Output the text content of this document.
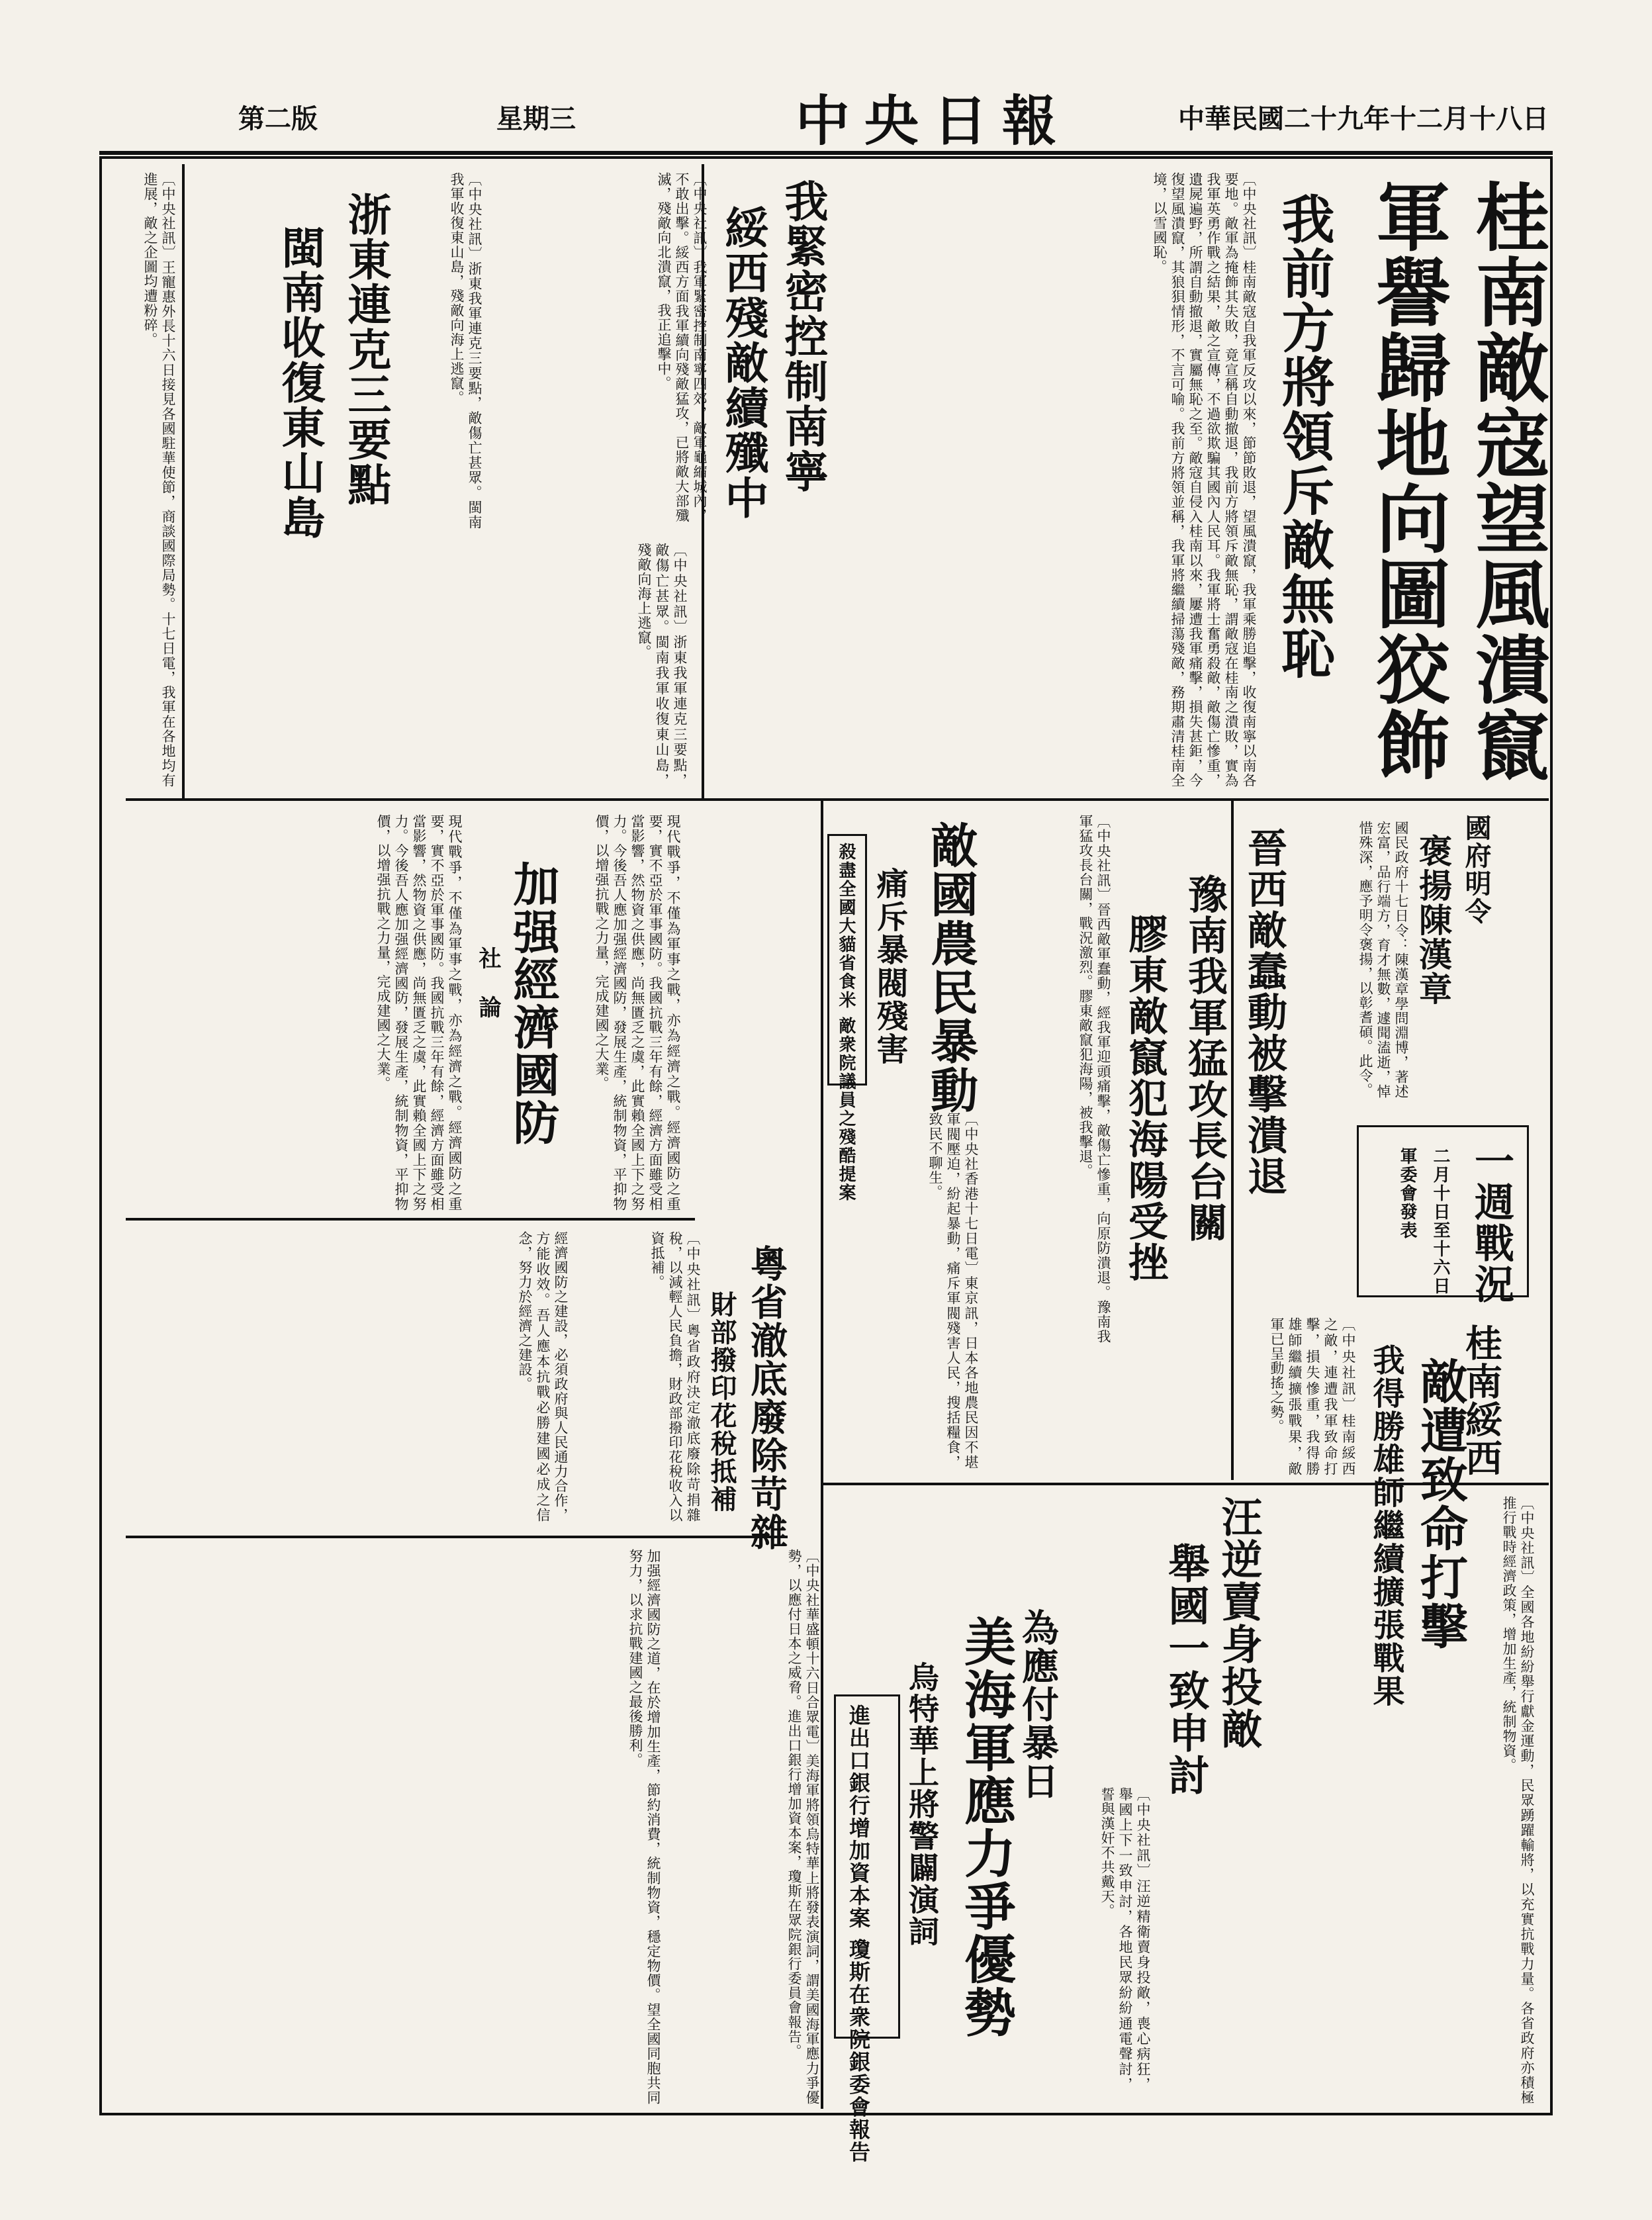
中華民國二十九年十二月十八日
中央日報
星期三
第二版
桂南敵寇望風潰竄
軍譽歸地向圖狡飾
我前方將領斥敵無恥
〔中央社訊〕桂南敵寇自我軍反攻以來，節節敗退，望風潰竄，我軍乘勝追擊，收復南寧以南各要地。敵軍為掩飾其失敗，竟宣稱自動撤退，我前方將領斥敵無恥，謂敵寇在桂南之潰敗，實為我軍英勇作戰之結果，敵之宣傳，不過欲欺騙其國內人民耳。我軍將士奮勇殺敵，敵傷亡慘重，遺屍遍野，所謂自動撤退，實屬無恥之至。敵寇自侵入桂南以來，屢遭我軍痛擊，損失甚鉅，今復望風潰竄，其狼狽情形，不言可喻。我前方將領並稱，我軍將繼續掃蕩殘敵，務期肅清桂南全境，以雪國恥。
我緊密控制南寧
綏西殘敵續殲中
〔中央社訊〕我軍緊密控制南寧四郊，敵軍龜縮城內，不敢出擊。綏西方面我軍續向殘敵猛攻，已將敵大部殲滅，殘敵向北潰竄，我正追擊中。
浙東連克三要點
閩南收復東山島
〔中央社訊〕浙東我軍連克三要點，敵傷亡甚眾。閩南我軍收復東山島，殘敵向海上逃竄。
〔中央社訊〕浙東我軍連克三要點，敵傷亡甚眾。閩南我軍收復東山島，殘敵向海上逃竄。
〔中央社訊〕王寵惠外長十六日接見各國駐華使節，商談國際局勢。十七日電，我軍在各地均有進展，敵之企圖均遭粉碎。
國府明令
褒揚陳漢章
國民政府十七日令：陳漢章學問淵博，著述宏富，品行端方，育才無數，遽聞溘逝，悼惜殊深，應予明令褒揚，以彰耆碩。此令。
一週戰況
二月十日至十六日
軍委會發表
晉西敵蠢動被擊潰退
豫南我軍猛攻長台關
膠東敵竄犯海陽受挫
〔中央社訊〕晉西敵軍蠢動，經我軍迎頭痛擊，敵傷亡慘重，向原防潰退。豫南我軍猛攻長台關，戰況激烈。膠東敵竄犯海陽，被我擊退。
敵國農民暴動
痛斥暴閥殘害
殺盡全國大貓省食米 敵衆院議員之殘酷提案
〔中央社香港十七日電〕東京訊，日本各地農民因不堪軍閥壓迫，紛起暴動，痛斥軍閥殘害人民，搜括糧食，致民不聊生。
桂南綏西
敵遭致命打擊
我得勝雄師繼續擴張戰果
〔中央社訊〕桂南綏西之敵，連遭我軍致命打擊，損失慘重，我得勝雄師繼續擴張戰果，敵軍已呈動搖之勢。
社論 加强經濟國防
現代戰爭，不僅為軍事之戰，亦為經濟之戰。經濟國防之重要，實不亞於軍事國防。我國抗戰三年有餘，經濟方面雖受相當影響，然物資之供應，尚無匱乏之虞，此實賴全國上下之努力。今後吾人應加强經濟國防，發展生產，統制物資，平抑物價，以增强抗戰之力量，完成建國之大業。	現代戰爭，不僅為軍事之戰，亦為經濟之戰。經濟國防之重要，實不亞於軍事國防。我國抗戰三年有餘，經濟方面雖受相當影響，然物資之供應，尚無匱乏之虞，此實賴全國上下之努力。今後吾人應加强經濟國防，發展生產，統制物資，平抑物價，以增强抗戰之力量，完成建國之大業。
粵省澈底廢除苛雜
財部撥印花稅抵補
〔中央社訊〕粵省政府決定澈底廢除苛捐雜稅，以減輕人民負擔，財政部撥印花稅收入以資抵補。
經濟國防之建設，必須政府與人民通力合作，方能收效。吾人應本抗戰必勝建國必成之信念，努力於經濟之建設。
汪逆賣身投敵
舉國一致申討	〔中央社訊〕全國各地紛紛舉行獻金運動，民眾踴躍輸將，以充實抗戰力量。各省政府亦積極推行戰時經濟政策，增加生產，統制物資。
〔中央社訊〕汪逆精衛賣身投敵，喪心病狂，舉國上下一致申討，各地民眾紛紛通電聲討，誓與漢奸不共戴天。
為應付暴日
美海軍應力爭優勢
烏特華上將警闢演詞
進出口銀行增加資本案 瓊斯在衆院銀委會報告
〔中央社華盛頓十六日合眾電〕美海軍將領烏特華上將發表演詞，謂美國海軍應力爭優勢，以應付日本之威脅。進出口銀行增加資本案，瓊斯在眾院銀行委員會報告。
加强經濟國防之道，在於增加生產，節約消費，統制物資，穩定物價。望全國同胞共同努力，以求抗戰建國之最後勝利。
